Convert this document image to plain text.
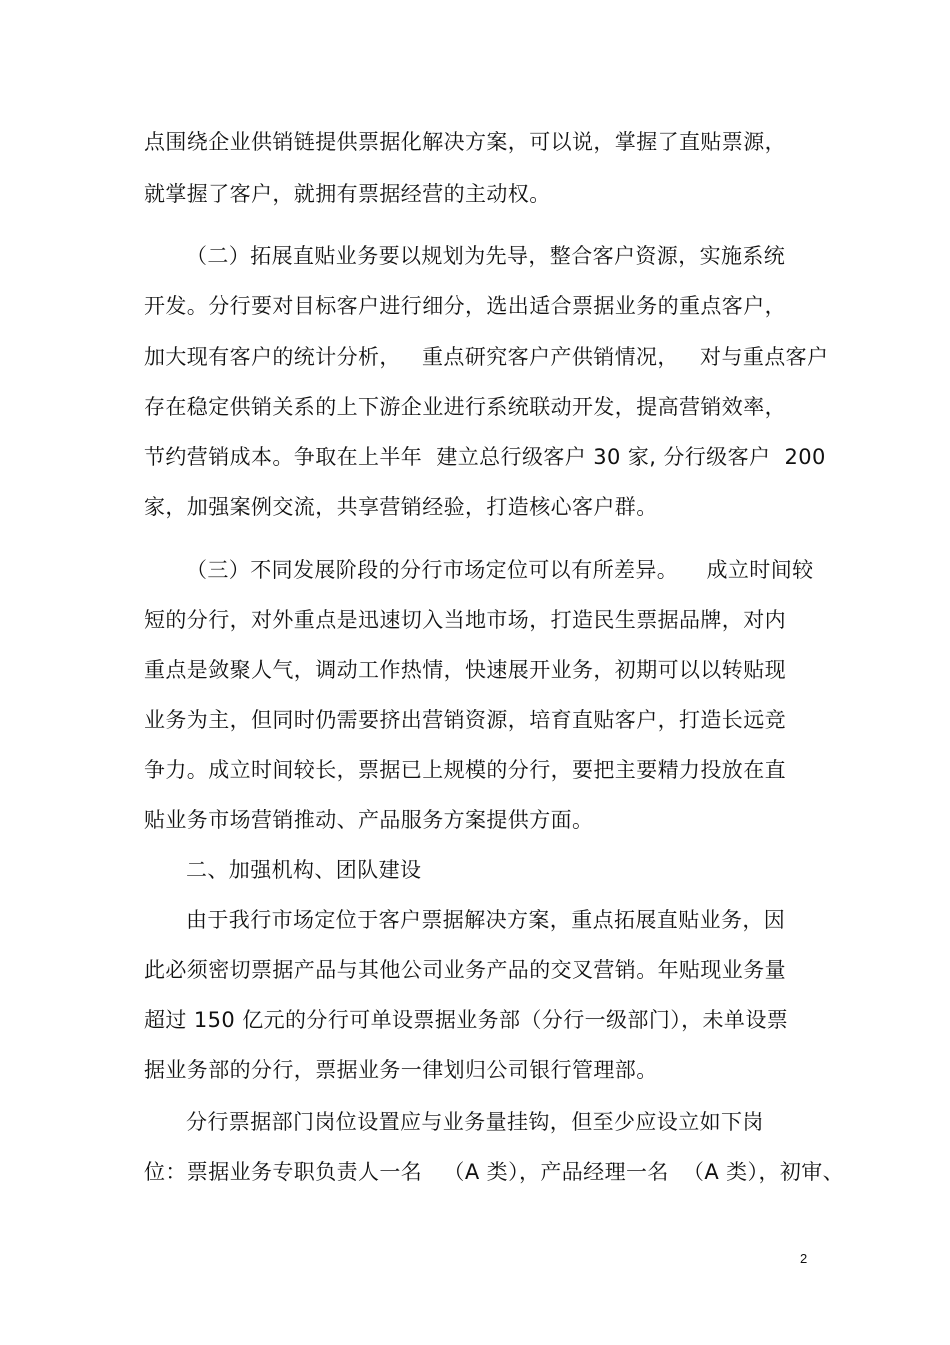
点围绕企业供销链提供票据化解决方案，可以说，掌握了直贴票源，
就掌握了客户，就拥有票据经营的主动权。
（二）拓展直贴业务要以规划为先导，整合客户资源，实施系统
开发。分行要对目标客户进行细分，选出适合票据业务的重点客户，
加大现有客户的统计分析，   重点研究客户产供销情况，   对与重点客户
存在稳定供销关系的上下游企业进行系统联动开发，提高营销效率，
节约营销成本。争取在上半年  建立总行级客户 30 家, 分行级客户  200
家，加强案例交流，共享营销经验，打造核心客户群。
（三）不同发展阶段的分行市场定位可以有所差异。    成立时间较
短的分行，对外重点是迅速切入当地市场，打造民生票据品牌，对内
重点是敛聚人气，调动工作热情，快速展开业务，初期可以以转贴现
业务为主，但同时仍需要挤出营销资源，培育直贴客户，打造长远竞
争力。成立时间较长，票据已上规模的分行，要把主要精力投放在直
贴业务市场营销推动、产品服务方案提供方面。
二、加强机构、团队建设
由于我行市场定位于客户票据解决方案，重点拓展直贴业务，因
此必须密切票据产品与其他公司业务产品的交叉营销。年贴现业务量
超过 150 亿元的分行可单设票据业务部（分行一级部门），未单设票
据业务部的分行，票据业务一律划归公司银行管理部。
分行票据部门岗位设置应与业务量挂钩，但至少应设立如下岗
位：票据业务专职负责人一名   （A 类），产品经理一名  （A 类），初审、
2
